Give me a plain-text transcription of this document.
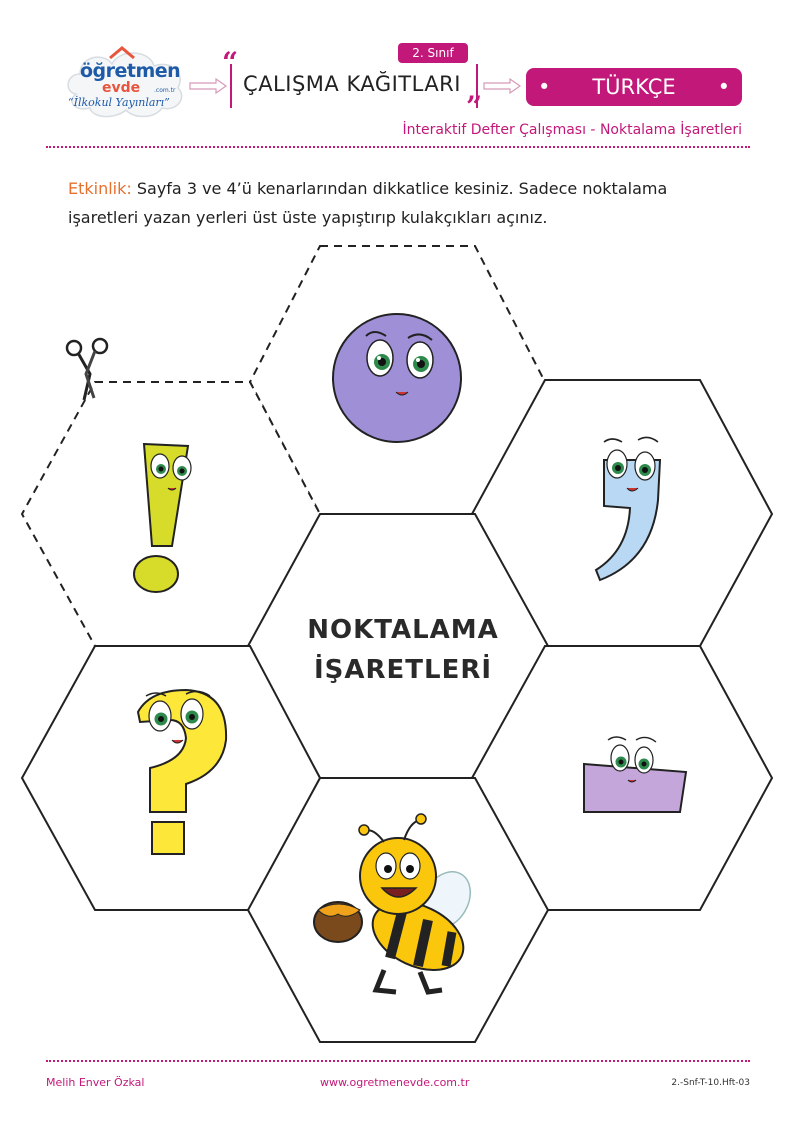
öğretmen
evde .com.tr
“İlkokul Yayınları”
2. Sınıf
“
”
ÇALIŞMA KAĞITLARI	• TÜRKÇE •
İnteraktif Defter Çalışması - Noktalama İşaretleri
Etkinlik: Sayfa 3 ve 4’ü kenarlarından dikkatlice kesiniz. Sadece noktalama işaretleri yazan yerleri üst üste yapıştırıp kulakçıkları açınız.
NOKTALAMA
İŞARETLERİ
Melih Enver Özkal	www.ogretmenevde.com.tr	2.-Snf-T-10.Hft-03
